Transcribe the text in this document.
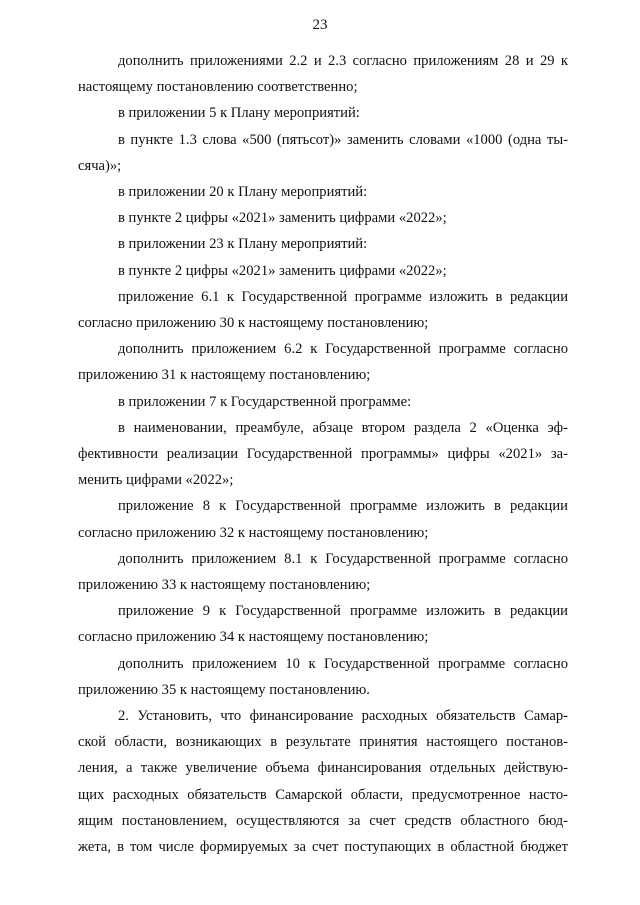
23
дополнить приложениями 2.2 и 2.3 согласно приложениям 28 и 29 к
настоящему постановлению соответственно;
в приложении 5 к Плану мероприятий:
в пункте 1.3 слова «500 (пятьсот)» заменить словами «1000 (одна ты-
сяча)»;
в приложении 20 к Плану мероприятий:
в пункте 2 цифры «2021» заменить цифрами «2022»;
в приложении 23 к Плану мероприятий:
в пункте 2 цифры «2021» заменить цифрами «2022»;
приложение 6.1 к Государственной программе изложить в редакции
согласно приложению 30 к настоящему постановлению;
дополнить приложением 6.2 к Государственной программе согласно
приложению 31 к настоящему постановлению;
в приложении 7 к Государственной программе:
в наименовании, преамбуле, абзаце втором раздела 2 «Оценка эф-
фективности реализации Государственной программы» цифры «2021» за-
менить цифрами «2022»;
приложение 8 к Государственной программе изложить в редакции
согласно приложению 32 к настоящему постановлению;
дополнить приложением 8.1 к Государственной программе согласно
приложению 33 к настоящему постановлению;
приложение 9 к Государственной программе изложить в редакции
согласно приложению 34 к настоящему постановлению;
дополнить приложением 10 к Государственной программе согласно
приложению 35 к настоящему постановлению.
2. Установить, что финансирование расходных обязательств Самар-
ской области, возникающих в результате принятия настоящего постанов-
ления, а также увеличение объема финансирования отдельных действую-
щих расходных обязательств Самарской области, предусмотренное насто-
ящим постановлением, осуществляются за счет средств областного бюд-
жета, в том числе формируемых за счет поступающих в областной бюджет
